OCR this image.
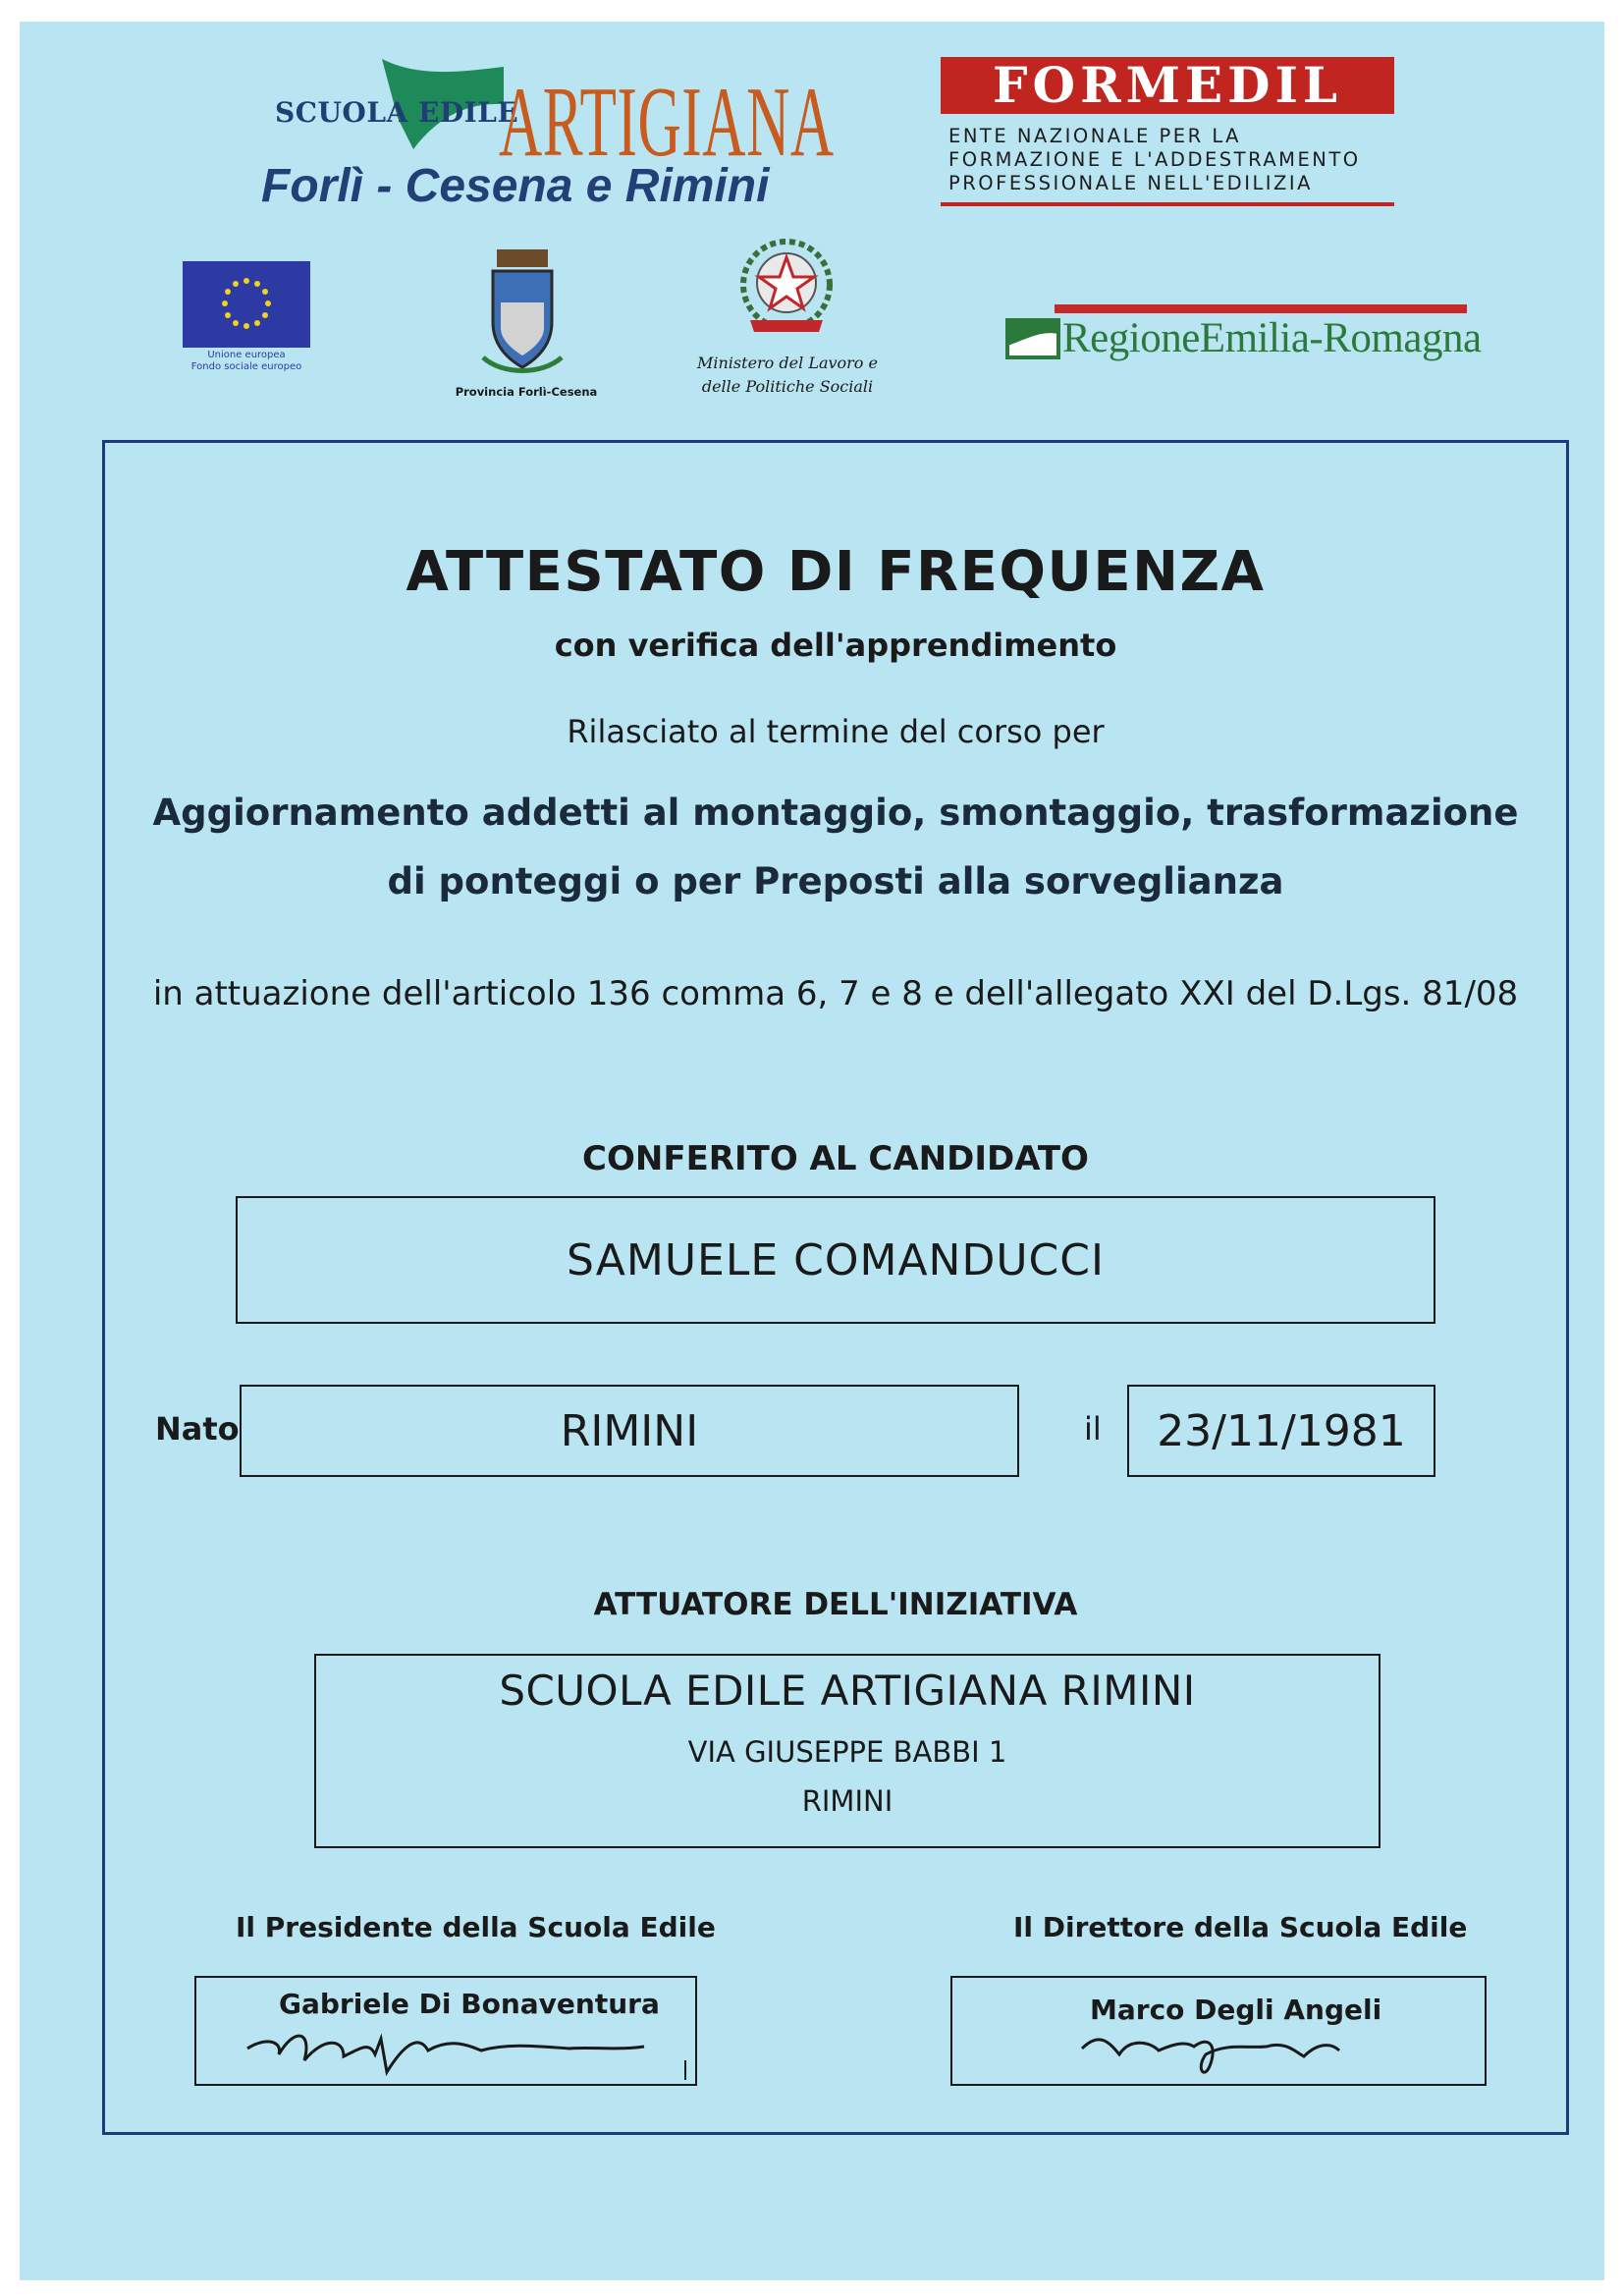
SCUOLA EDILE
ARTIGIANA
Forlì - Cesena e Rimini
FORMEDIL
ENTE NAZIONALE PER LA
FORMAZIONE E L'ADDESTRAMENTO
PROFESSIONALE NELL'EDILIZIA
Unione europea
Fondo sociale europeo
Provincia Forlì-Cesena
Ministero del Lavoro e
delle Politiche Sociali
RegioneEmilia-Romagna
ATTESTATO DI FREQUENZA
con verifica dell'apprendimento
Rilasciato al termine del corso per
Aggiornamento addetti al montaggio, smontaggio, trasformazione
di ponteggi o per Preposti alla sorveglianza
in attuazione dell'articolo 136 comma 6, 7 e 8 e dell'allegato XXI del D.Lgs. 81/08
CONFERITO AL CANDIDATO
SAMUELE COMANDUCCI
Nato	RIMINI	il 23/11/1981
ATTUATORE DELL'INIZIATIVA
SCUOLA EDILE ARTIGIANA RIMINI
VIA GIUSEPPE BABBI 1
RIMINI
Il Presidente della Scuola Edile	Il Direttore della Scuola Edile
Gabriele Di Bonaventura	Marco Degli Angeli
